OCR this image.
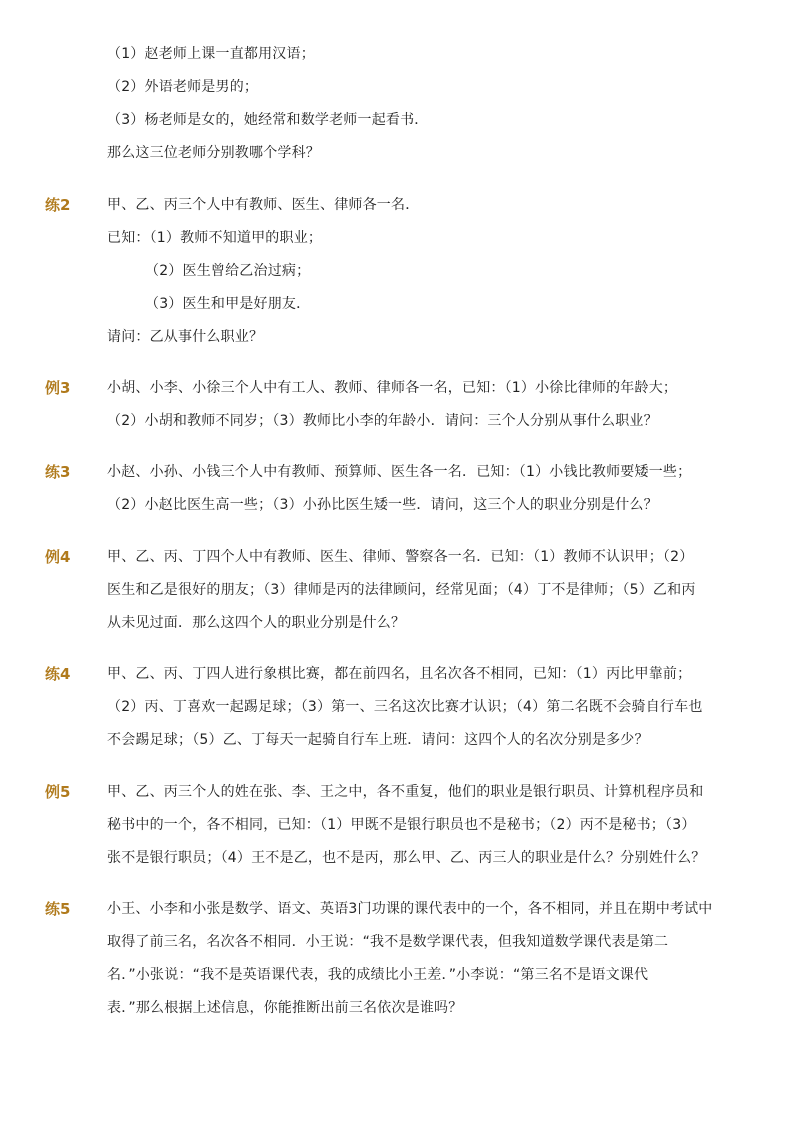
（1）赵老师上课一直都用汉语；
（2）外语老师是男的；
（3）杨老师是女的，她经常和数学老师一起看书．
那么这三位老师分别教哪个学科？
练2	甲、乙、丙三个人中有教师、医生、律师各一名．
已知：（1）教师不知道甲的职业；
（2）医生曾给乙治过病；
（3）医生和甲是好朋友．
请问：乙从事什么职业？
例3	小胡、小李、小徐三个人中有工人、教师、律师各一名，已知：（1）小徐比律师的年龄大；
（2）小胡和教师不同岁；（3）教师比小李的年龄小．请问：三个人分别从事什么职业？
练3	小赵、小孙、小钱三个人中有教师、预算师、医生各一名．已知：（1）小钱比教师要矮一些；
（2）小赵比医生高一些；（3）小孙比医生矮一些．请问，这三个人的职业分别是什么？
例4	甲、乙、丙、丁四个人中有教师、医生、律师、警察各一名．已知：（1）教师不认识甲；（2）
医生和乙是很好的朋友；（3）律师是丙的法律顾问，经常见面；（4）丁不是律师；（5）乙和丙
从未见过面．那么这四个人的职业分别是什么？
练4	甲、乙、丙、丁四人进行象棋比赛，都在前四名，且名次各不相同，已知：（1）丙比甲靠前；
（2）丙、丁喜欢一起踢足球；（3）第一、三名这次比赛才认识；（4）第二名既不会骑自行车也
不会踢足球；（5）乙、丁每天一起骑自行车上班．请问：这四个人的名次分别是多少？
例5	甲、乙、丙三个人的姓在张、李、王之中，各不重复，他们的职业是银行职员、计算机程序员和
秘书中的一个，各不相同，已知：（1）甲既不是银行职员也不是秘书；（2）丙不是秘书；（3）
张不是银行职员；（4）王不是乙，也不是丙，那么甲、乙、丙三人的职业是什么？分别姓什么？
练5	小王、小李和小张是数学、语文、英语3门功课的课代表中的一个，各不相同，并且在期中考试中
取得了前三名，名次各不相同．小王说：“我不是数学课代表，但我知道数学课代表是第二
名．”小张说：“我不是英语课代表，我的成绩比小王差．”小李说：“第三名不是语文课代
表．”那么根据上述信息，你能推断出前三名依次是谁吗？
